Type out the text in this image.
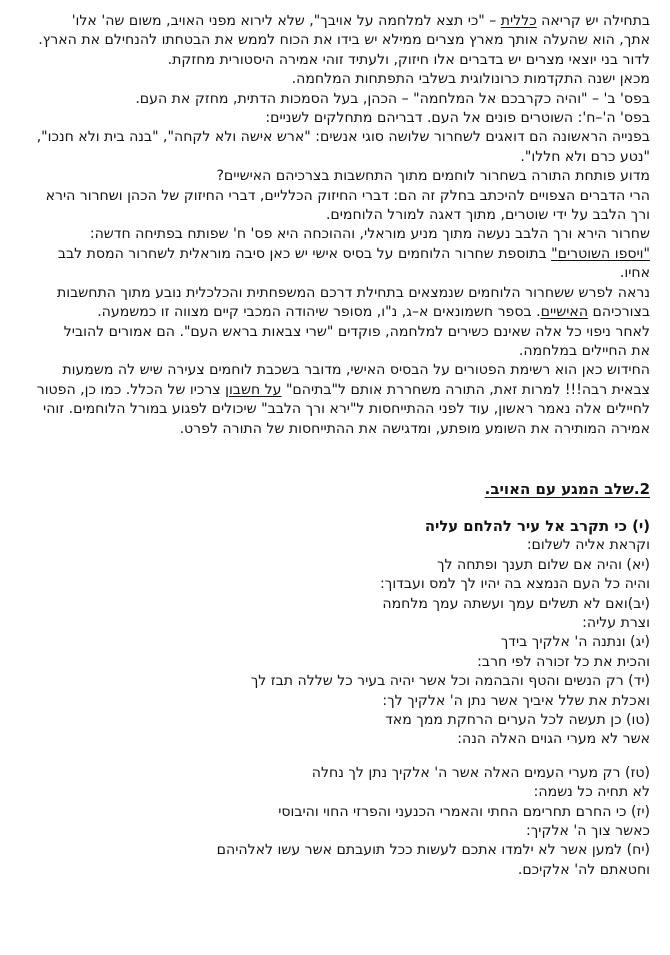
בתחילה יש קריאה כללית – "כי תצא למלחמה על אויבך", שלא לירוא מפני האויב, משום שה' אלו'

אתך, הוא שהעלה אותך מארץ מצרים ממילא יש בידו את הכוח לממש את הבטחתו להנחילם את הארץ.

לדור בני יוצאי מצרים יש בדברים אלו חיזוק, ולעתיד זוהי אמירה היסטורית מחזקת.

מכאן ישנה התקדמות כרונולוגית בשלבי התפתחות המלחמה.

בפס' ב' – "והיה כקרבכם אל המלחמה" – הכהן, בעל הסמכות הדתית, מחזק את העם.

בפס' ה'–ח': השוטרים פונים אל העם. דבריהם מתחלקים לשניים:

בפנייה הראשונה הם דואגים לשחרור שלושה סוגי אנשים: "ארש אישה ולא לקחה", "בנה בית ולא חנכו",

"נטע כרם ולא חללו".

מדוע פותחת התורה בשחרור לוחמים מתוך התחשבות בצרכיהם האישיים?

הרי הדברים הצפויים להיכתב בחלק זה הם: דברי החיזוק הכלליים, דברי החיזוק של הכהן ושחרור הירא

ורך הלבב על ידי שוטרים, מתוך דאגה למורל הלוחמים.

שחרור הירא ורך הלבב נעשה מתוך מניע מוראלי, וההוכחה היא פס' ח' שפותח בפתיחה חדשה:

"ויספו השוטרים" בתוספת שחרור הלוחמים על בסיס אישי יש כאן סיבה מוראלית לשחרור המסת לבב

אחיו.

נראה לפרש ששחרור הלוחמים שנמצאים בתחילת דרכם המשפחתית והכלכלית נובע מתוך התחשבות

בצורכיהם האישיים. בספר חשמונאים א–ג, נ"ו, מסופר שיהודה המכבי קיים מצווה זו כמשמעה.

לאחר ניפוי כל אלה שאינם כשירים למלחמה, פוקדים "שרי צבאות בראש העם". הם אמורים להוביל

את החיילים במלחמה.

החידוש כאן הוא רשימת הפטורים על הבסיס האישי, מדובר בשכבת לוחמים צעירה שיש לה משמעות

צבאית רבה!!! למרות זאת, התורה משחררת אותם ל"בתיהם" על חשבון צרכיו של הכלל. כמו כן, הפטור

לחיילים אלה נאמר ראשון, עוד לפני ההתייחסות ל"ירא ורך הלבב" שיכולים לפגוע במורל הלוחמים. זוהי

אמירה המותירה את השומע מופתע, ומדגישה את ההתייחסות של התורה לפרט.

2.שלב המגע עם האויב.

(י) כי תקרב אל עיר להלחם עליה

וקראת אליה לשלום:

(יא) והיה אם שלום תענך ופתחה לך

והיה כל העם הנמצא בה יהיו לך למס ועבדוך:

(יב)ואם לא תשלים עמך ועשתה עמך מלחמה

וצרת עליה:

(יג) ונתנה ה' אלקיך בידך

והכית את כל זכורה לפי חרב:

(יד) רק הנשים והטף והבהמה וכל אשר יהיה בעיר כל שללה תבז לך

ואכלת את שלל איביך אשר נתן ה' אלקיך לך:

(טו) כן תעשה לכל הערים הרחקת ממך מאד

אשר לא מערי הגוים האלה הנה:

(טז) רק מערי העמים האלה אשר ה' אלקיך נתן לך נחלה

לא תחיה כל נשמה:

(יז) כי החרם תחרימם החתי והאמרי הכנעני והפרזי החוי והיבוסי

כאשר צוך ה' אלקיך:

(יח) למען אשר לא ילמדו אתכם לעשות ככל תועבתם אשר עשו לאלהיהם

וחטאתם לה' אלקיכם.
